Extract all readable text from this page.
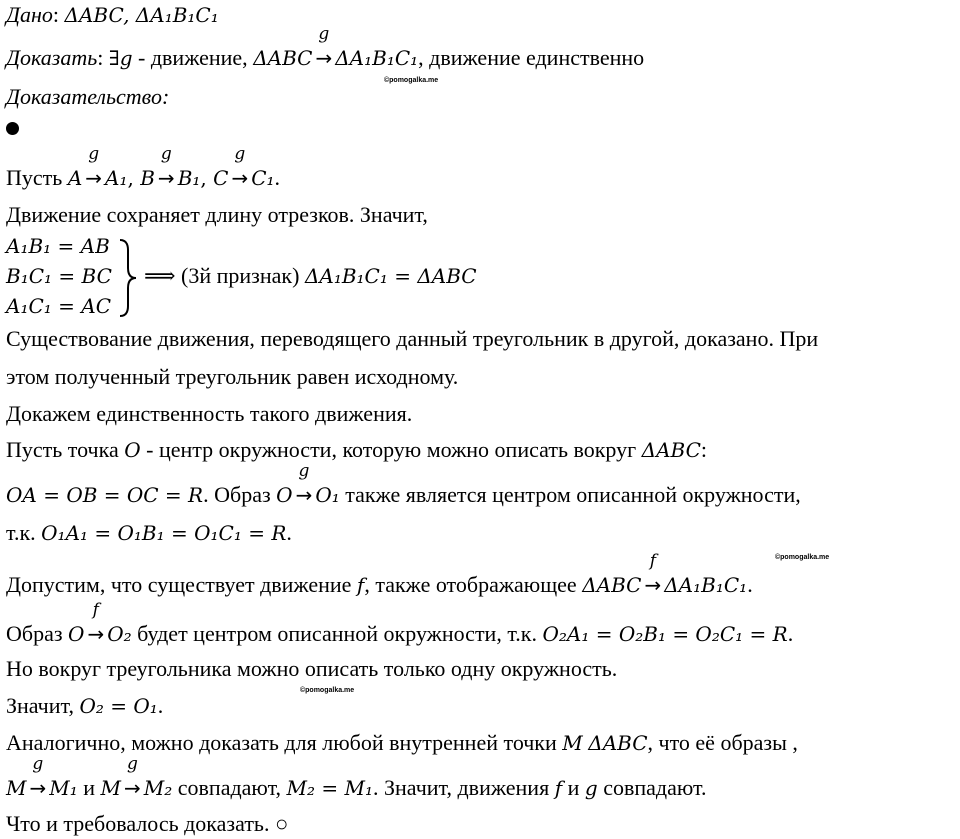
Дано: ΔABC, ΔA₁B₁C₁
Доказать: ∃g - движение, ΔABC
g
→ ΔA₁B₁C₁, движение единственно
©pomogalka.me
Доказательство:
Пусть A
g
→ A₁, B
g
→ B₁, C
g
→ C₁.
Движение сохраняет длину отрезков. Значит,
A₁B₁ = AB
B₁C₁ = BC
A₁C₁ = AC
⟹ (3й признак) ΔA₁B₁C₁ = ΔABC
Существование движения, переводящего данный треугольник в другой, доказано. При
этом полученный треугольник равен исходному.
Докажем единственность такого движения.
Пусть точка O - центр окружности, которую можно описать вокруг ΔABC:
OA = OB = OC = R. Образ O
g
→ O₁ также является центром описанной окружности,
т.к. O₁A₁ = O₁B₁ = O₁C₁ = R.
©pomogalka.me
Допустим, что существует движение f, также отображающее ΔABC
f
→ ΔA₁B₁C₁.
Образ O
f
→ O₂ будет центром описанной окружности, т.к. O₂A₁ = O₂B₁ = O₂C₁ = R.
Но вокруг треугольника можно описать только одну окружность.
©pomogalka.me
Значит, O₂ = O₁.
Аналогично, можно доказать для любой внутренней точки M ΔABC, что её образы ,
M
g
→ M₁ и M
g
→ M₂ совпадают, M₂ = M₁. Значит, движения f и g совпадают.
Что и требовалось доказать. ○
